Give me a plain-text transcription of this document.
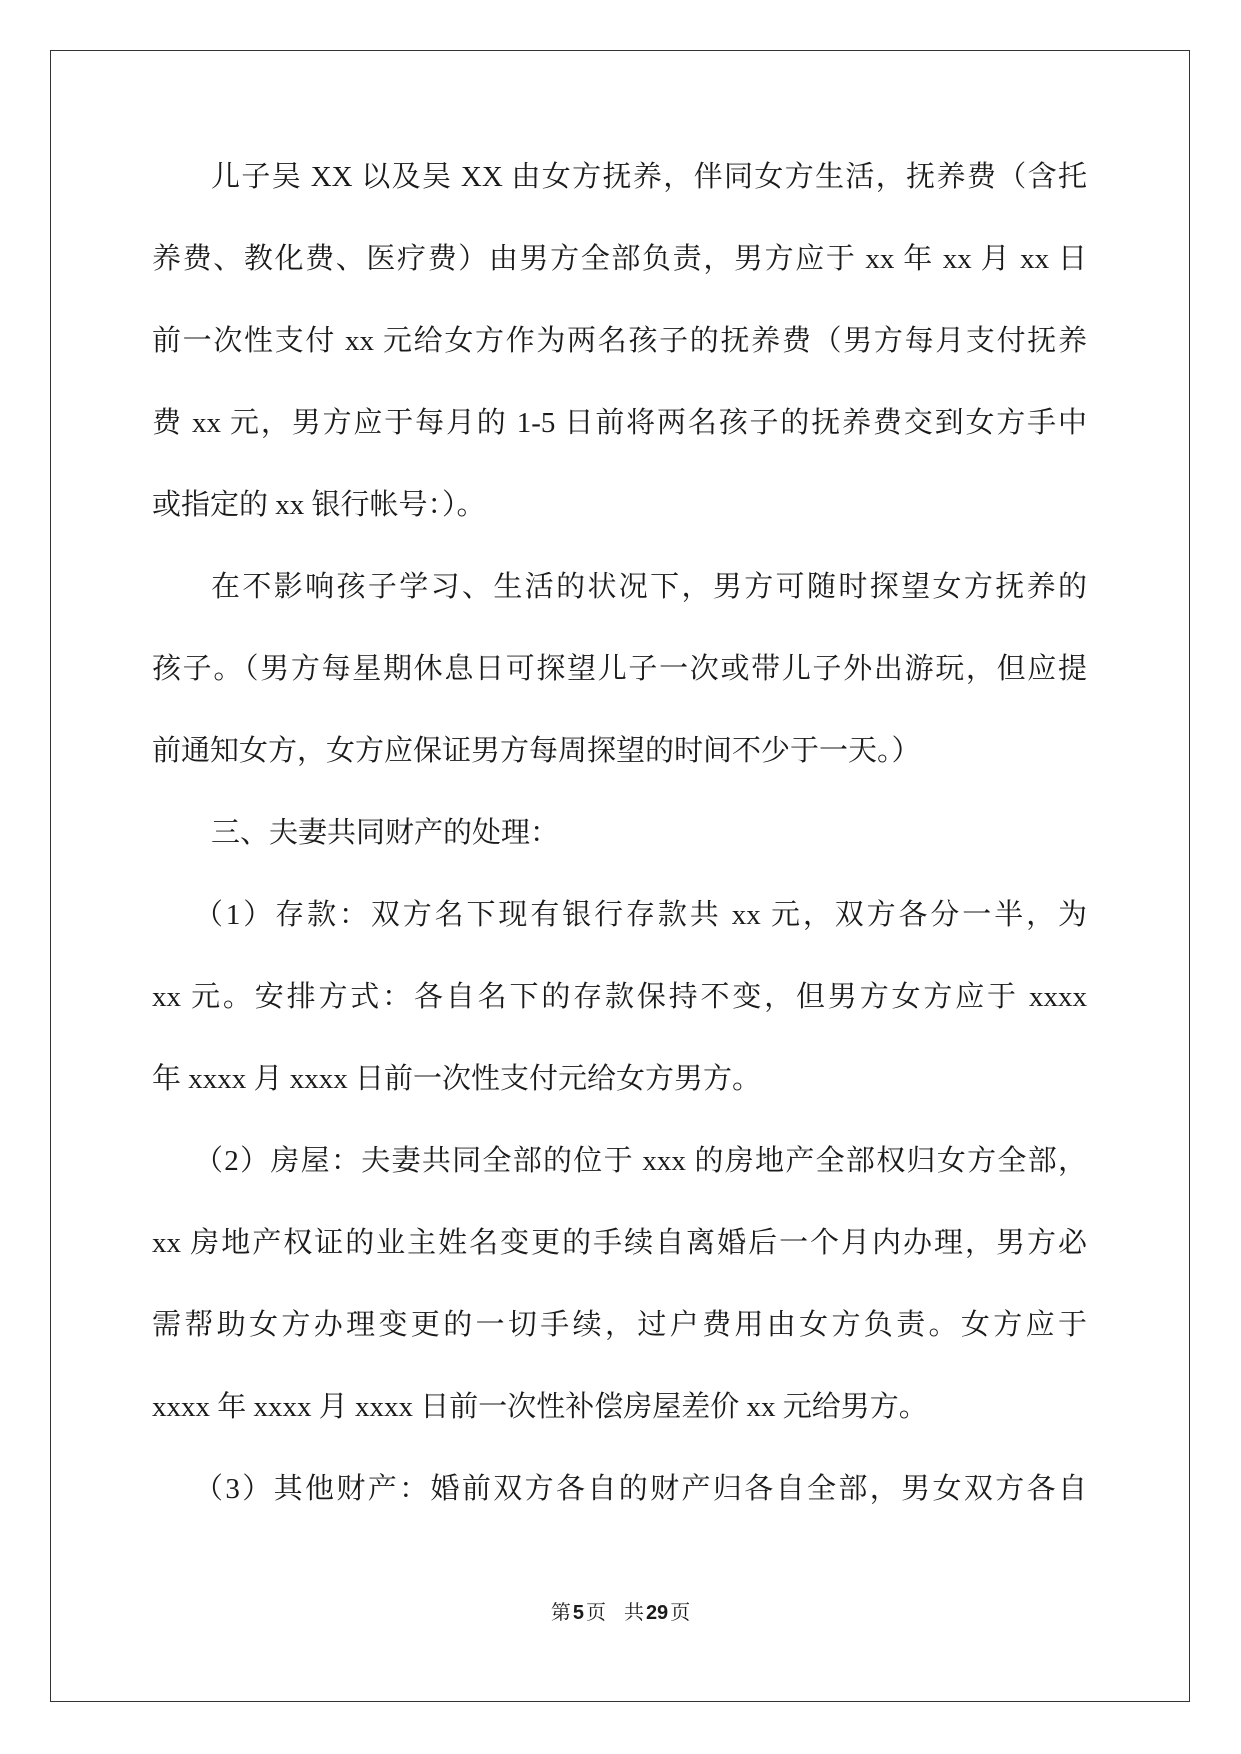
儿子吴 XX 以及吴 XX 由女方抚养，伴同女方生活，抚养费（含托
养费、教化费、医疗费）由男方全部负责，男方应于 xx 年 xx 月 xx 日
前一次性支付 xx 元给女方作为两名孩子的抚养费（男方每月支付抚养
费 xx 元，男方应于每月的 1-5 日前将两名孩子的抚养费交到女方手中
或指定的 xx 银行帐号：）。
在不影响孩子学习、生活的状况下，男方可随时探望女方抚养的
孩子。（男方每星期休息日可探望儿子一次或带儿子外出游玩，但应提
前通知女方，女方应保证男方每周探望的时间不少于一天。）
三、夫妻共同财产的处理：
（1）存款：双方名下现有银行存款共 xx 元，双方各分一半，为
xx 元。安排方式：各自名下的存款保持不变，但男方女方应于 xxxx
年 xxxx 月 xxxx 日前一次性支付元给女方男方。
（2）房屋：夫妻共同全部的位于 xxx 的房地产全部权归女方全部，
xx 房地产权证的业主姓名变更的手续自离婚后一个月内办理，男方必
需帮助女方办理变更的一切手续，过户费用由女方负责。女方应于
xxxx 年 xxxx 月 xxxx 日前一次性补偿房屋差价 xx 元给男方。
（3）其他财产：婚前双方各自的财产归各自全部，男女双方各自
第 5 页 共 29 页
